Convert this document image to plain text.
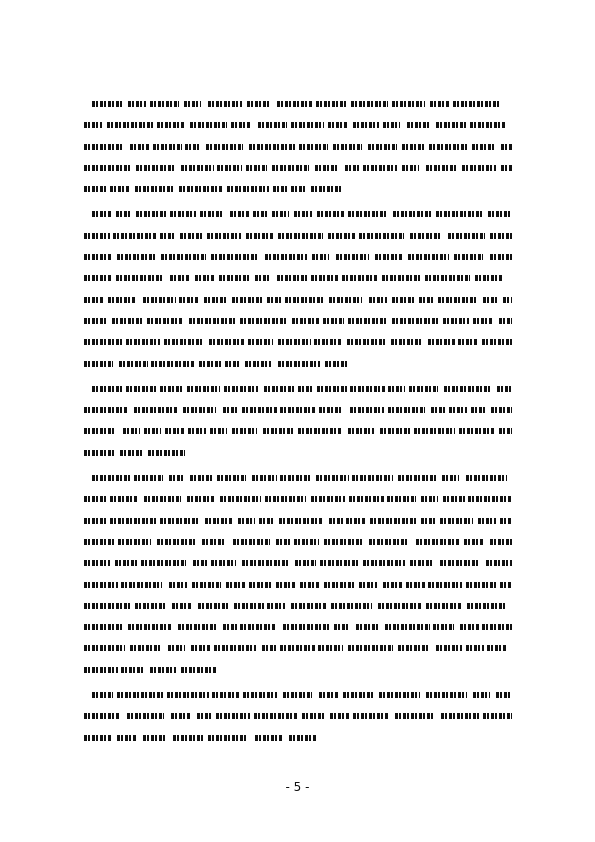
- 5 -
